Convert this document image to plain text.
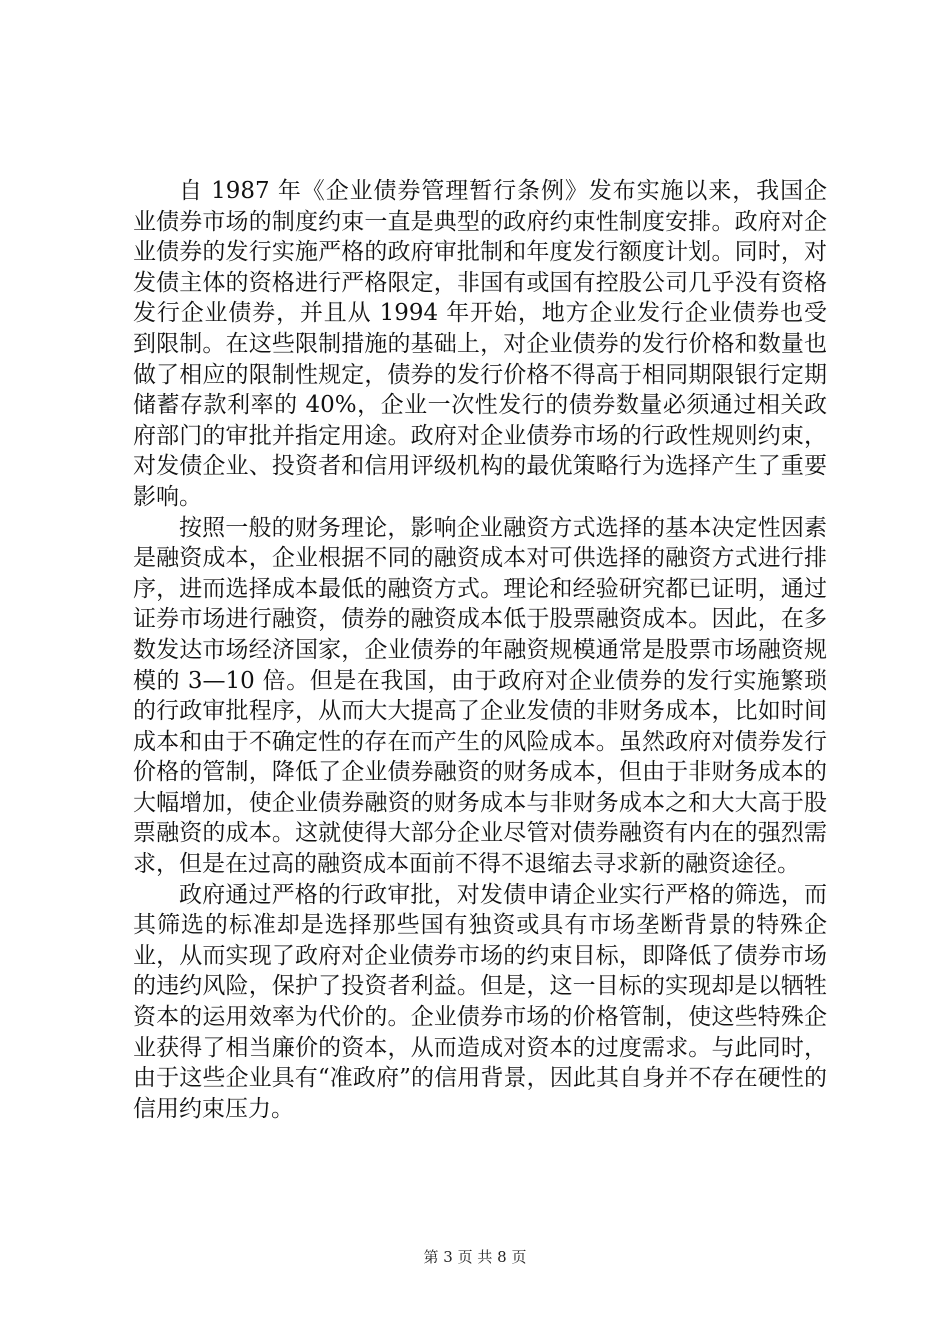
自 1987 年《企业债券管理暂行条例》发布实施以来，我国企业债券市场的制度约束一直是典型的政府约束性制度安排。政府对企业债券的发行实施严格的政府审批制和年度发行额度计划。同时，对发债主体的资格进行严格限定，非国有或国有控股公司几乎没有资格发行企业债券，并且从 1994 年开始，地方企业发行企业债券也受到限制。在这些限制措施的基础上，对企业债券的发行价格和数量也做了相应的限制性规定，债券的发行价格不得高于相同期限银行定期储蓄存款利率的 40%，企业一次性发行的债券数量必须通过相关政府部门的审批并指定用途。政府对企业债券市场的行政性规则约束，对发债企业、投资者和信用评级机构的最优策略行为选择产生了重要影响。

按照一般的财务理论，影响企业融资方式选择的基本决定性因素是融资成本，企业根据不同的融资成本对可供选择的融资方式进行排序，进而选择成本最低的融资方式。理论和经验研究都已证明，通过证券市场进行融资，债券的融资成本低于股票融资成本。因此，在多数发达市场经济国家，企业债券的年融资规模通常是股票市场融资规模的 3—10 倍。但是在我国，由于政府对企业债券的发行实施繁琐的行政审批程序，从而大大提高了企业发债的非财务成本，比如时间成本和由于不确定性的存在而产生的风险成本。虽然政府对债券发行价格的管制，降低了企业债券融资的财务成本，但由于非财务成本的大幅增加，使企业债券融资的财务成本与非财务成本之和大大高于股票融资的成本。这就使得大部分企业尽管对债券融资有内在的强烈需求，但是在过高的融资成本面前不得不退缩去寻求新的融资途径。

政府通过严格的行政审批，对发债申请企业实行严格的筛选，而其筛选的标准却是选择那些国有独资或具有市场垄断背景的特殊企业，从而实现了政府对企业债券市场的约束目标，即降低了债券市场的违约风险，保护了投资者利益。但是，这一目标的实现却是以牺牲资本的运用效率为代价的。企业债券市场的价格管制，使这些特殊企业获得了相当廉价的资本，从而造成对资本的过度需求。与此同时，由于这些企业具有“准政府”的信用背景，因此其自身并不存在硬性的信用约束压力。

第 3 页 共 8 页
